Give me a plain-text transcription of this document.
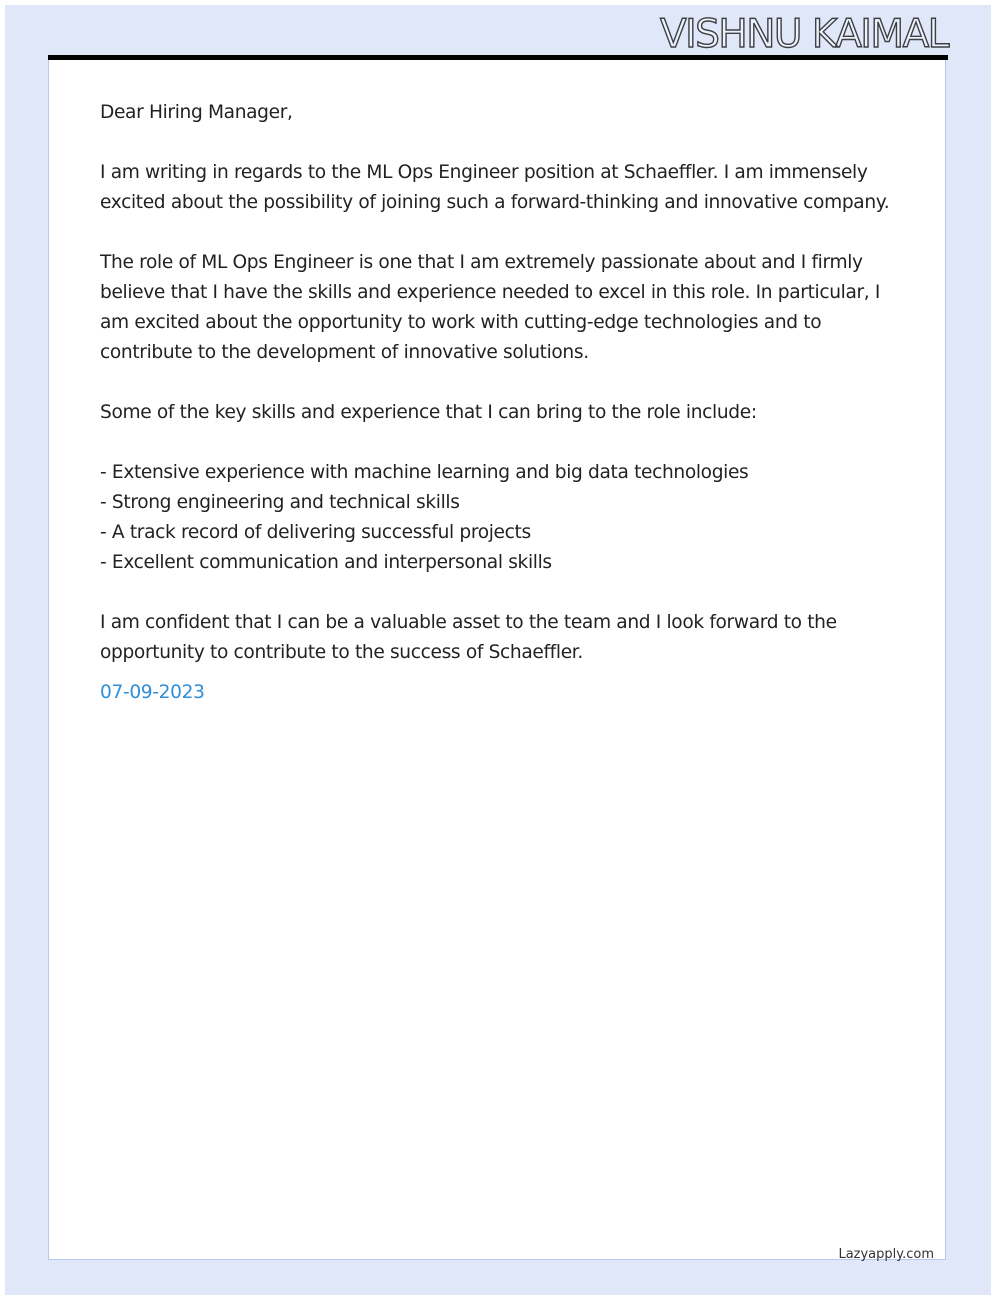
VISHNU KAIMAL

Dear Hiring Manager,

I am writing in regards to the ML Ops Engineer position at Schaeffler. I am immensely excited about the possibility of joining such a forward-thinking and innovative company.

The role of ML Ops Engineer is one that I am extremely passionate about and I firmly believe that I have the skills and experience needed to excel in this role. In particular, I am excited about the opportunity to work with cutting-edge technologies and to contribute to the development of innovative solutions.

Some of the key skills and experience that I can bring to the role include:

- Extensive experience with machine learning and big data technologies
- Strong engineering and technical skills
- A track record of delivering successful projects
- Excellent communication and interpersonal skills

I am confident that I can be a valuable asset to the team and I look forward to the opportunity to contribute to the success of Schaeffler.

07-09-2023
Lazyapply.com
